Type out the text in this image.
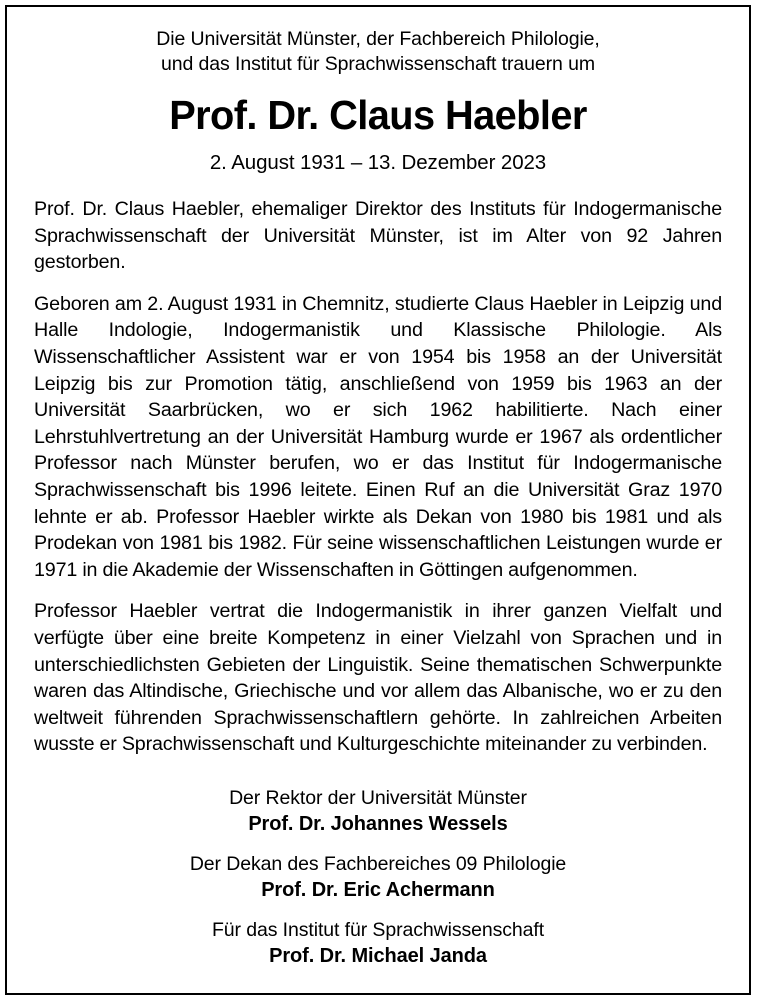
Die Universität Münster, der Fachbereich Philologie,
und das Institut für Sprachwissenschaft trauern um
Prof. Dr. Claus Haebler
2. August 1931 – 13. Dezember 2023

Prof. Dr. Claus Haebler, ehemaliger Direktor des Instituts für Indogermanische Sprachwissenschaft der Universität Münster, ist im Alter von 92 Jahren gestorben.

Geboren am 2. August 1931 in Chemnitz, studierte Claus Haebler in Leipzig und Halle Indologie, Indogermanistik und Klassische Philologie. Als Wissenschaftlicher Assistent war er von 1954 bis 1958 an der Universität Leipzig bis zur Promotion tätig, anschließend von 1959 bis 1963 an der Universität Saarbrücken, wo er sich 1962 habilitierte. Nach einer Lehrstuhlvertretung an der Universität Hamburg wurde er 1967 als ordentlicher Professor nach Münster berufen, wo er das Institut für Indogermanische Sprachwissenschaft bis 1996 leitete. Einen Ruf an die Universität Graz 1970 lehnte er ab. Professor Haebler wirkte als Dekan von 1980 bis 1981 und als Prodekan von 1981 bis 1982. Für seine wissenschaftlichen Leistungen wurde er 1971 in die Akademie der Wissenschaften in Göttingen aufgenommen.

Professor Haebler vertrat die Indogermanistik in ihrer ganzen Vielfalt und verfügte über eine breite Kompetenz in einer Vielzahl von Sprachen und in unterschiedlichsten Gebieten der Linguistik. Seine thematischen Schwerpunkte waren das Altindische, Griechische und vor allem das Albanische, wo er zu den weltweit führenden Sprachwissenschaftlern gehörte. In zahlreichen Arbeiten wusste er Sprachwissenschaft und Kulturgeschichte miteinander zu verbinden.

Der Rektor der Universität Münster
Prof. Dr. Johannes Wessels
Der Dekan des Fachbereiches 09 Philologie
Prof. Dr. Eric Achermann
Für das Institut für Sprachwissenschaft
Prof. Dr. Michael Janda
